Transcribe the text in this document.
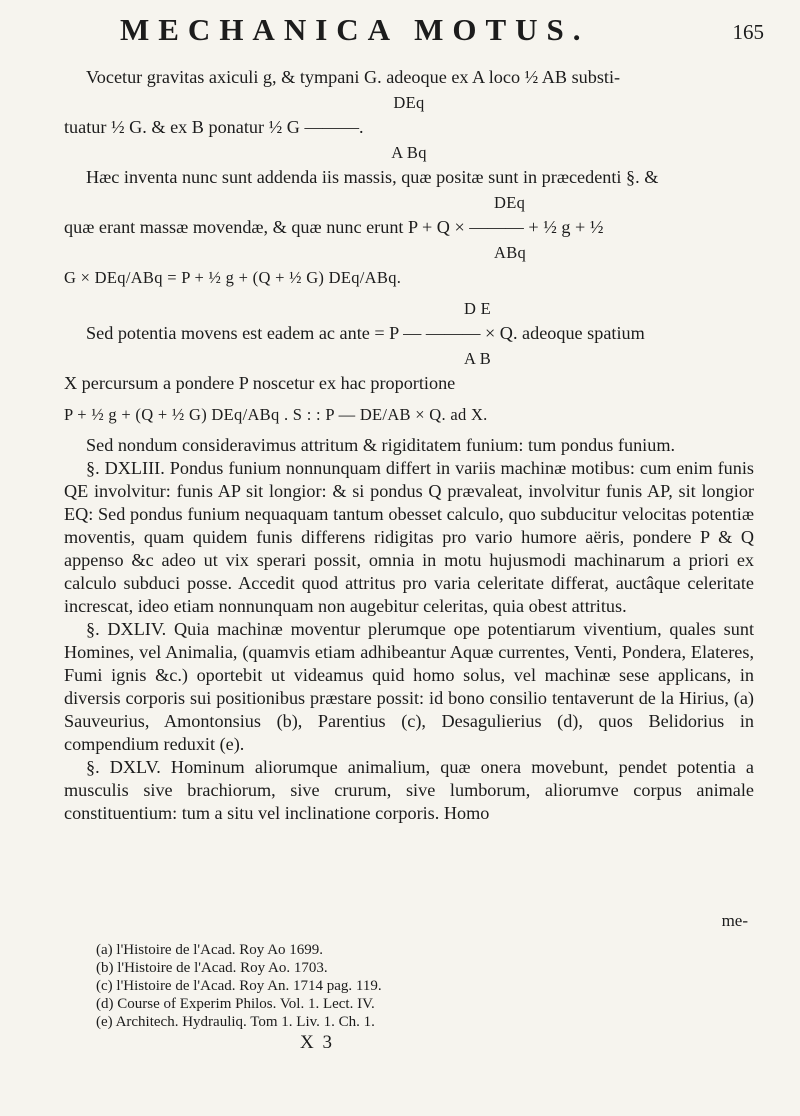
MECHANICA MOTUS.	165

Vocetur gravitas axiculi g, & tympani G. adeoque ex A loco ½ AB substi-

DEq

tuatur ½ G. & ex B ponatur ½ G ———.

A Bq

Hæc inventa nunc sunt addenda iis massis, quæ positæ sunt in præcedenti §. &

DEq

quæ erant massæ movendæ, & quæ nunc erunt P + Q × ——— + ½ g + ½

ABq
G × DEq/ABq = P + ½ g + (Q + ½ G) DEq/ABq.
D E

Sed potentia movens est eadem ac ante = P — ——— × Q. adeoque spatium

A B

X percursum a pondere P noscetur ex hac proportione

P + ½ g + (Q + ½ G) DEq/ABq . S : : P — DE/AB × Q. ad X.

Sed nondum consideravimus attritum & rigiditatem funium: tum pondus funium.

§. DXLIII. Pondus funium nonnunquam differt in variis machinæ motibus: cum enim funis QE involvitur: funis AP sit longior: & si pondus Q prævaleat, involvitur funis AP, sit longior EQ: Sed pondus funium nequaquam tantum obesset calculo, quo subducitur velocitas potentiæ moventis, quam quidem funis differens ridigitas pro vario humore aëris, pondere P & Q appenso &c adeo ut vix sperari possit, omnia in motu hujusmodi machinarum a priori ex calculo subduci posse. Accedit quod attritus pro varia celeritate differat, auctâque celeritate increscat, ideo etiam nonnunquam non augebitur celeritas, quia obest attritus.

§. DXLIV. Quia machinæ moventur plerumque ope potentiarum viventium, quales sunt Homines, vel Animalia, (quamvis etiam adhibeantur Aquæ currentes, Venti, Pondera, Elateres, Fumi ignis &c.) oportebit ut videamus quid homo solus, vel machinæ sese applicans, in diversis corporis sui positionibus præstare possit: id bono consilio tentaverunt de la Hirius, (a) Sauveurius, Amontonsius (b), Parentius (c), Desagulierius (d), quos Belidorius in compendium reduxit (e).

§. DXLV. Hominum aliorumque animalium, quæ onera movebunt, pendet potentia a musculis sive brachiorum, sive crurum, sive lumborum, aliorumve corpus animale constituentium: tum a situ vel inclinatione corporis. Homo

me-

(a) l'Histoire de l'Acad. Roy Ao 1699.

(b) l'Histoire de l'Acad. Roy Ao. 1703.

(c) l'Histoire de l'Acad. Roy An. 1714 pag. 119.

(d) Course of Experim Philos. Vol. 1. Lect. IV.

(e) Architech. Hydrauliq. Tom 1. Liv. 1. Ch. 1.

X 3
